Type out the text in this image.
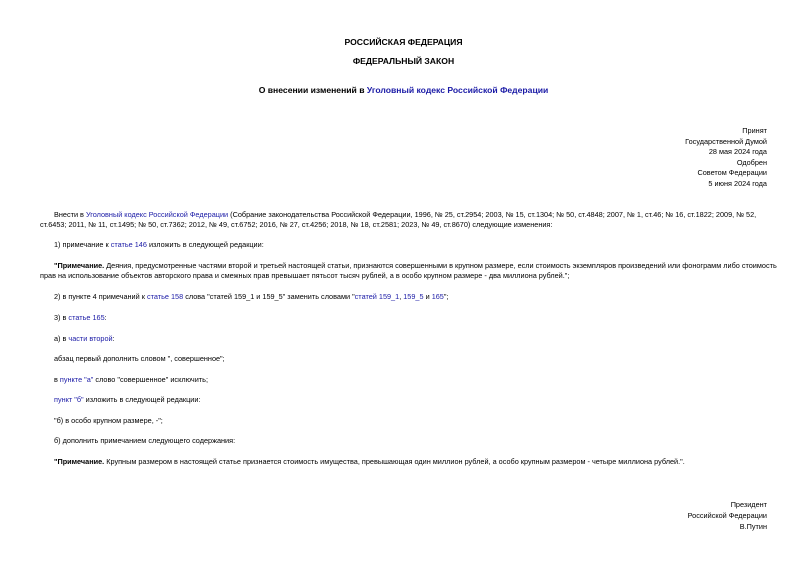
РОССИЙСКАЯ ФЕДЕРАЦИЯ
ФЕДЕРАЛЬНЫЙ ЗАКОН
О внесении изменений в Уголовный кодекс Российской Федерации
Принят
Государственной Думой
28 мая 2024 года
Одобрен
Советом Федерации
5 июня 2024 года
Внести в Уголовный кодекс Российской Федерации (Собрание законодательства Российской Федерации, 1996, № 25, ст.2954; 2003, № 15, ст.1304; № 50, ст.4848; 2007, № 1, ст.46; № 16, ст.1822; 2009, № 52,
ст.6453; 2011, № 11, ст.1495; № 50, ст.7362; 2012, № 49, ст.6752; 2016, № 27, ст.4256; 2018, № 18, ст.2581; 2023, № 49, ст.8670) следующие изменения:
1) примечание к статье 146 изложить в следующей редакции:
"Примечание. Деяния, предусмотренные частями второй и третьей настоящей статьи, признаются совершенными в крупном размере, если стоимость экземпляров произведений или фонограмм либо стоимость
прав на использование объектов авторского права и смежных прав превышает пятьсот тысяч рублей, а в особо крупном размере - два миллиона рублей.";
2) в пункте 4 примечаний к статье 158 слова "статей 159_1 и 159_5" заменить словами "статей 159_1, 159_5 и 165";
3) в статье 165:
а) в части второй:
абзац первый дополнить словом ", совершенное";
в пункте "а" слово "совершенное" исключить;
пункт "б" изложить в следующей редакции:
"б) в особо крупном размере, -";
б) дополнить примечанием следующего содержания:
"Примечание. Крупным размером в настоящей статье признается стоимость имущества, превышающая один миллион рублей, а особо крупным размером - четыре миллиона рублей.".
Президент
Российской Федерации
В.Путин
